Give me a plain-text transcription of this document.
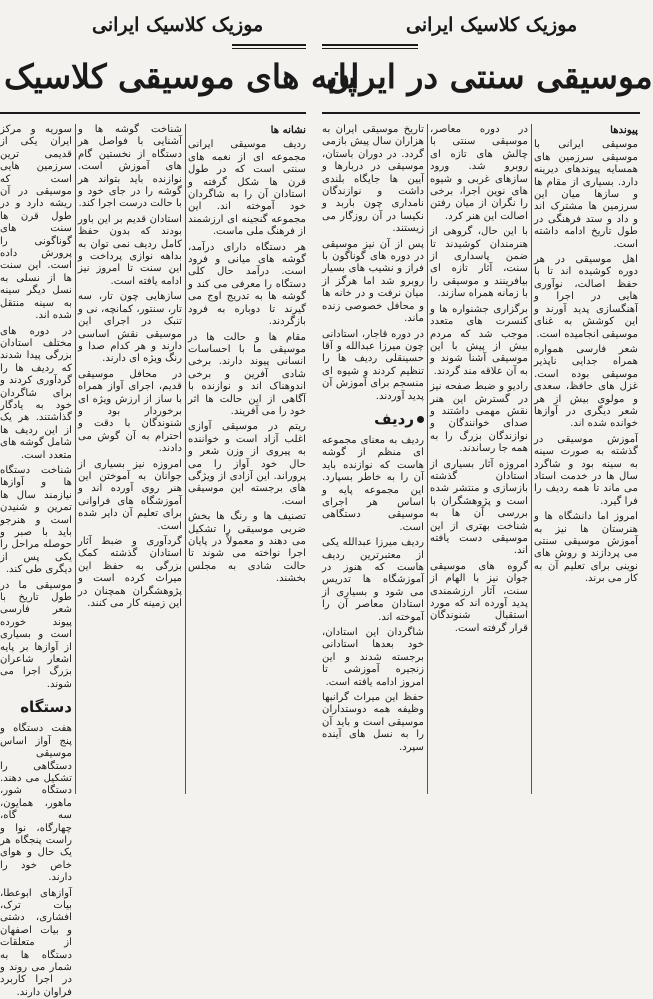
موزیک کلاسیک ایرانی
پایه های موسیقی کلاسیک

سوریه و مرکز ایران یکی از قدیمی ترین سرزمین هایی است که موسیقی در آن ریشه دارد و در طول قرن ها سنت های گوناگونی را پرورش داده است. این سنت ها از نسلی به نسل دیگر سینه به سینه منتقل شده اند.

در دوره های مختلف استادان بزرگی پیدا شدند که ردیف ها را گردآوری کردند و برای شاگردان خود به یادگار گذاشتند. هر یک از این ردیف ها شامل گوشه های متعدد است.

شناخت دستگاه ها و آوازها نیازمند سال ها تمرین و شنیدن است و هنرجو باید با صبر و حوصله مراحل را یکی پس از دیگری طی کند.

موسیقی ما در طول تاریخ با شعر فارسی پیوند خورده است و بسیاری از آوازها بر پایه اشعار شاعران بزرگ اجرا می شوند.

دستگاه

هفت دستگاه و پنج آواز اساس موسیقی دستگاهی را تشکیل می دهند. دستگاه شور، ماهور، همایون، سه گاه، چهارگاه، نوا و راست پنجگاه هر یک حال و هوای خاص خود را دارند.

آوازهای ابوعطا، بیات ترک، افشاری، دشتی و بیات اصفهان از متعلقات دستگاه ها به شمار می روند و در اجرا کاربرد فراوان دارند.

شناخت گوشه ها و آشنایی با فواصل هر دستگاه از نخستین گام های آموزش است. نوازنده باید بتواند هر گوشه را در جای خود و با حالت درست اجرا کند.

استادان قدیم بر این باور بودند که بدون حفظ کامل ردیف نمی توان به بداهه نوازی پرداخت و این سنت تا امروز نیز ادامه یافته است.

سازهایی چون تار، سه تار، سنتور، کمانچه، نی و تنبک در اجرای این موسیقی نقش اساسی دارند و هر کدام صدا و رنگ ویژه ای دارند.

در محافل موسیقی قدیم، اجرای آواز همراه با ساز از ارزش ویژه ای برخوردار بود و شنوندگان با دقت و احترام به آن گوش می دادند.

امروزه نیز بسیاری از جوانان به آموختن این هنر روی آورده اند و آموزشگاه های فراوانی برای تعلیم آن دایر شده است.

گردآوری و ضبط آثار استادان گذشته کمک بزرگی به حفظ این میراث کرده است و پژوهشگران همچنان در این زمینه کار می کنند.

نشانه ها

ردیف موسیقی ایرانی مجموعه ای از نغمه های سنتی است که در طول قرن ها شکل گرفته و استادان آن را به شاگردان خود آموخته اند. این مجموعه گنجینه ای ارزشمند از فرهنگ ملی ماست.

هر دستگاه دارای درآمد، گوشه های میانی و فرود است. درآمد حال کلی دستگاه را معرفی می کند و گوشه ها به تدریج اوج می گیرند تا دوباره به فرود بازگردند.

مقام ها و حالت ها در موسیقی ما با احساسات انسانی پیوند دارند. برخی شادی آفرین و برخی اندوهناک اند و نوازنده با آگاهی از این حالت ها اثر خود را می آفریند.

ریتم در موسیقی آوازی اغلب آزاد است و خواننده به پیروی از وزن شعر و حال خود آواز را می پروراند. این آزادی از ویژگی های برجسته این موسیقی است.

تصنیف ها و رنگ ها بخش ضربی موسیقی را تشکیل می دهند و معمولاً در پایان اجرا نواخته می شوند تا حالت شادی به مجلس بخشند.

موزیک کلاسیک ایرانی
موسیقی سنتی در ایران

تاریخ موسیقی ایران به هزاران سال پیش بازمی گردد. در دوران باستان، موسیقی در دربارها و آیین ها جایگاه بلندی داشت و نوازندگان نامداری چون باربد و نکیسا در آن روزگار می زیستند.

پس از آن نیز موسیقی در دوره های گوناگون با فراز و نشیب های بسیار روبرو شد اما هرگز از میان نرفت و در خانه ها و محافل خصوصی زنده ماند.

در دوره قاجار، استادانی چون میرزا عبدالله و آقا حسینقلی ردیف ها را تنظیم کردند و شیوه ای منسجم برای آموزش آن پدید آوردند.

ردیف

ردیف به معنای مجموعه ای منظم از گوشه هاست که نوازنده باید آن را به خاطر بسپارد. این مجموعه پایه و اساس هر اجرای موسیقی دستگاهی است.

ردیف میرزا عبدالله یکی از معتبرترین ردیف هاست که هنوز در آموزشگاه ها تدریس می شود و بسیاری از استادان معاصر آن را آموخته اند.

شاگردان این استادان، خود بعدها استادانی برجسته شدند و این زنجیره آموزشی تا امروز ادامه یافته است.

حفظ این میراث گرانبها وظیفه همه دوستداران موسیقی است و باید آن را به نسل های آینده سپرد.

در دوره معاصر، موسیقی سنتی با چالش های تازه ای روبرو شد. ورود سازهای غربی و شیوه های نوین اجرا، برخی را نگران از میان رفتن اصالت این هنر کرد.

با این حال، گروهی از هنرمندان کوشیدند تا ضمن پاسداری از سنت، آثار تازه ای بیافرینند و موسیقی را با زمانه همراه سازند.

برگزاری جشنواره ها و کنسرت های متعدد موجب شد که مردم بیش از پیش با این موسیقی آشنا شوند و به آن علاقه مند گردند.

رادیو و ضبط صفحه نیز در گسترش این هنر نقش مهمی داشتند و صدای خوانندگان و نوازندگان بزرگ را به همه جا رساندند.

امروزه آثار بسیاری از استادان گذشته بازسازی و منتشر شده است و پژوهشگران با بررسی آن ها به شناخت بهتری از این موسیقی دست یافته اند.

گروه های موسیقی جوان نیز با الهام از سنت، آثار ارزشمندی پدید آورده اند که مورد استقبال شنوندگان قرار گرفته است.

پیوندها

موسیقی ایرانی با موسیقی سرزمین های همسایه پیوندهای دیرینه دارد. بسیاری از مقام ها و سازها میان این سرزمین ها مشترک اند و داد و ستد فرهنگی در طول تاریخ ادامه داشته است.

اهل موسیقی در هر دوره کوشیده اند تا با حفظ اصالت، نوآوری هایی در اجرا و آهنگسازی پدید آورند و این کوشش به غنای موسیقی انجامیده است.

شعر فارسی همواره همراه جدایی ناپذیر موسیقی بوده است. غزل های حافظ، سعدی و مولوی بیش از هر شعر دیگری در آوازها خوانده شده اند.

آموزش موسیقی در گذشته به صورت سینه به سینه بود و شاگرد سال ها در خدمت استاد می ماند تا همه ردیف را فرا گیرد.

امروز اما دانشگاه ها و هنرستان ها نیز به آموزش موسیقی سنتی می پردازند و روش های نوینی برای تعلیم آن به کار می برند.
